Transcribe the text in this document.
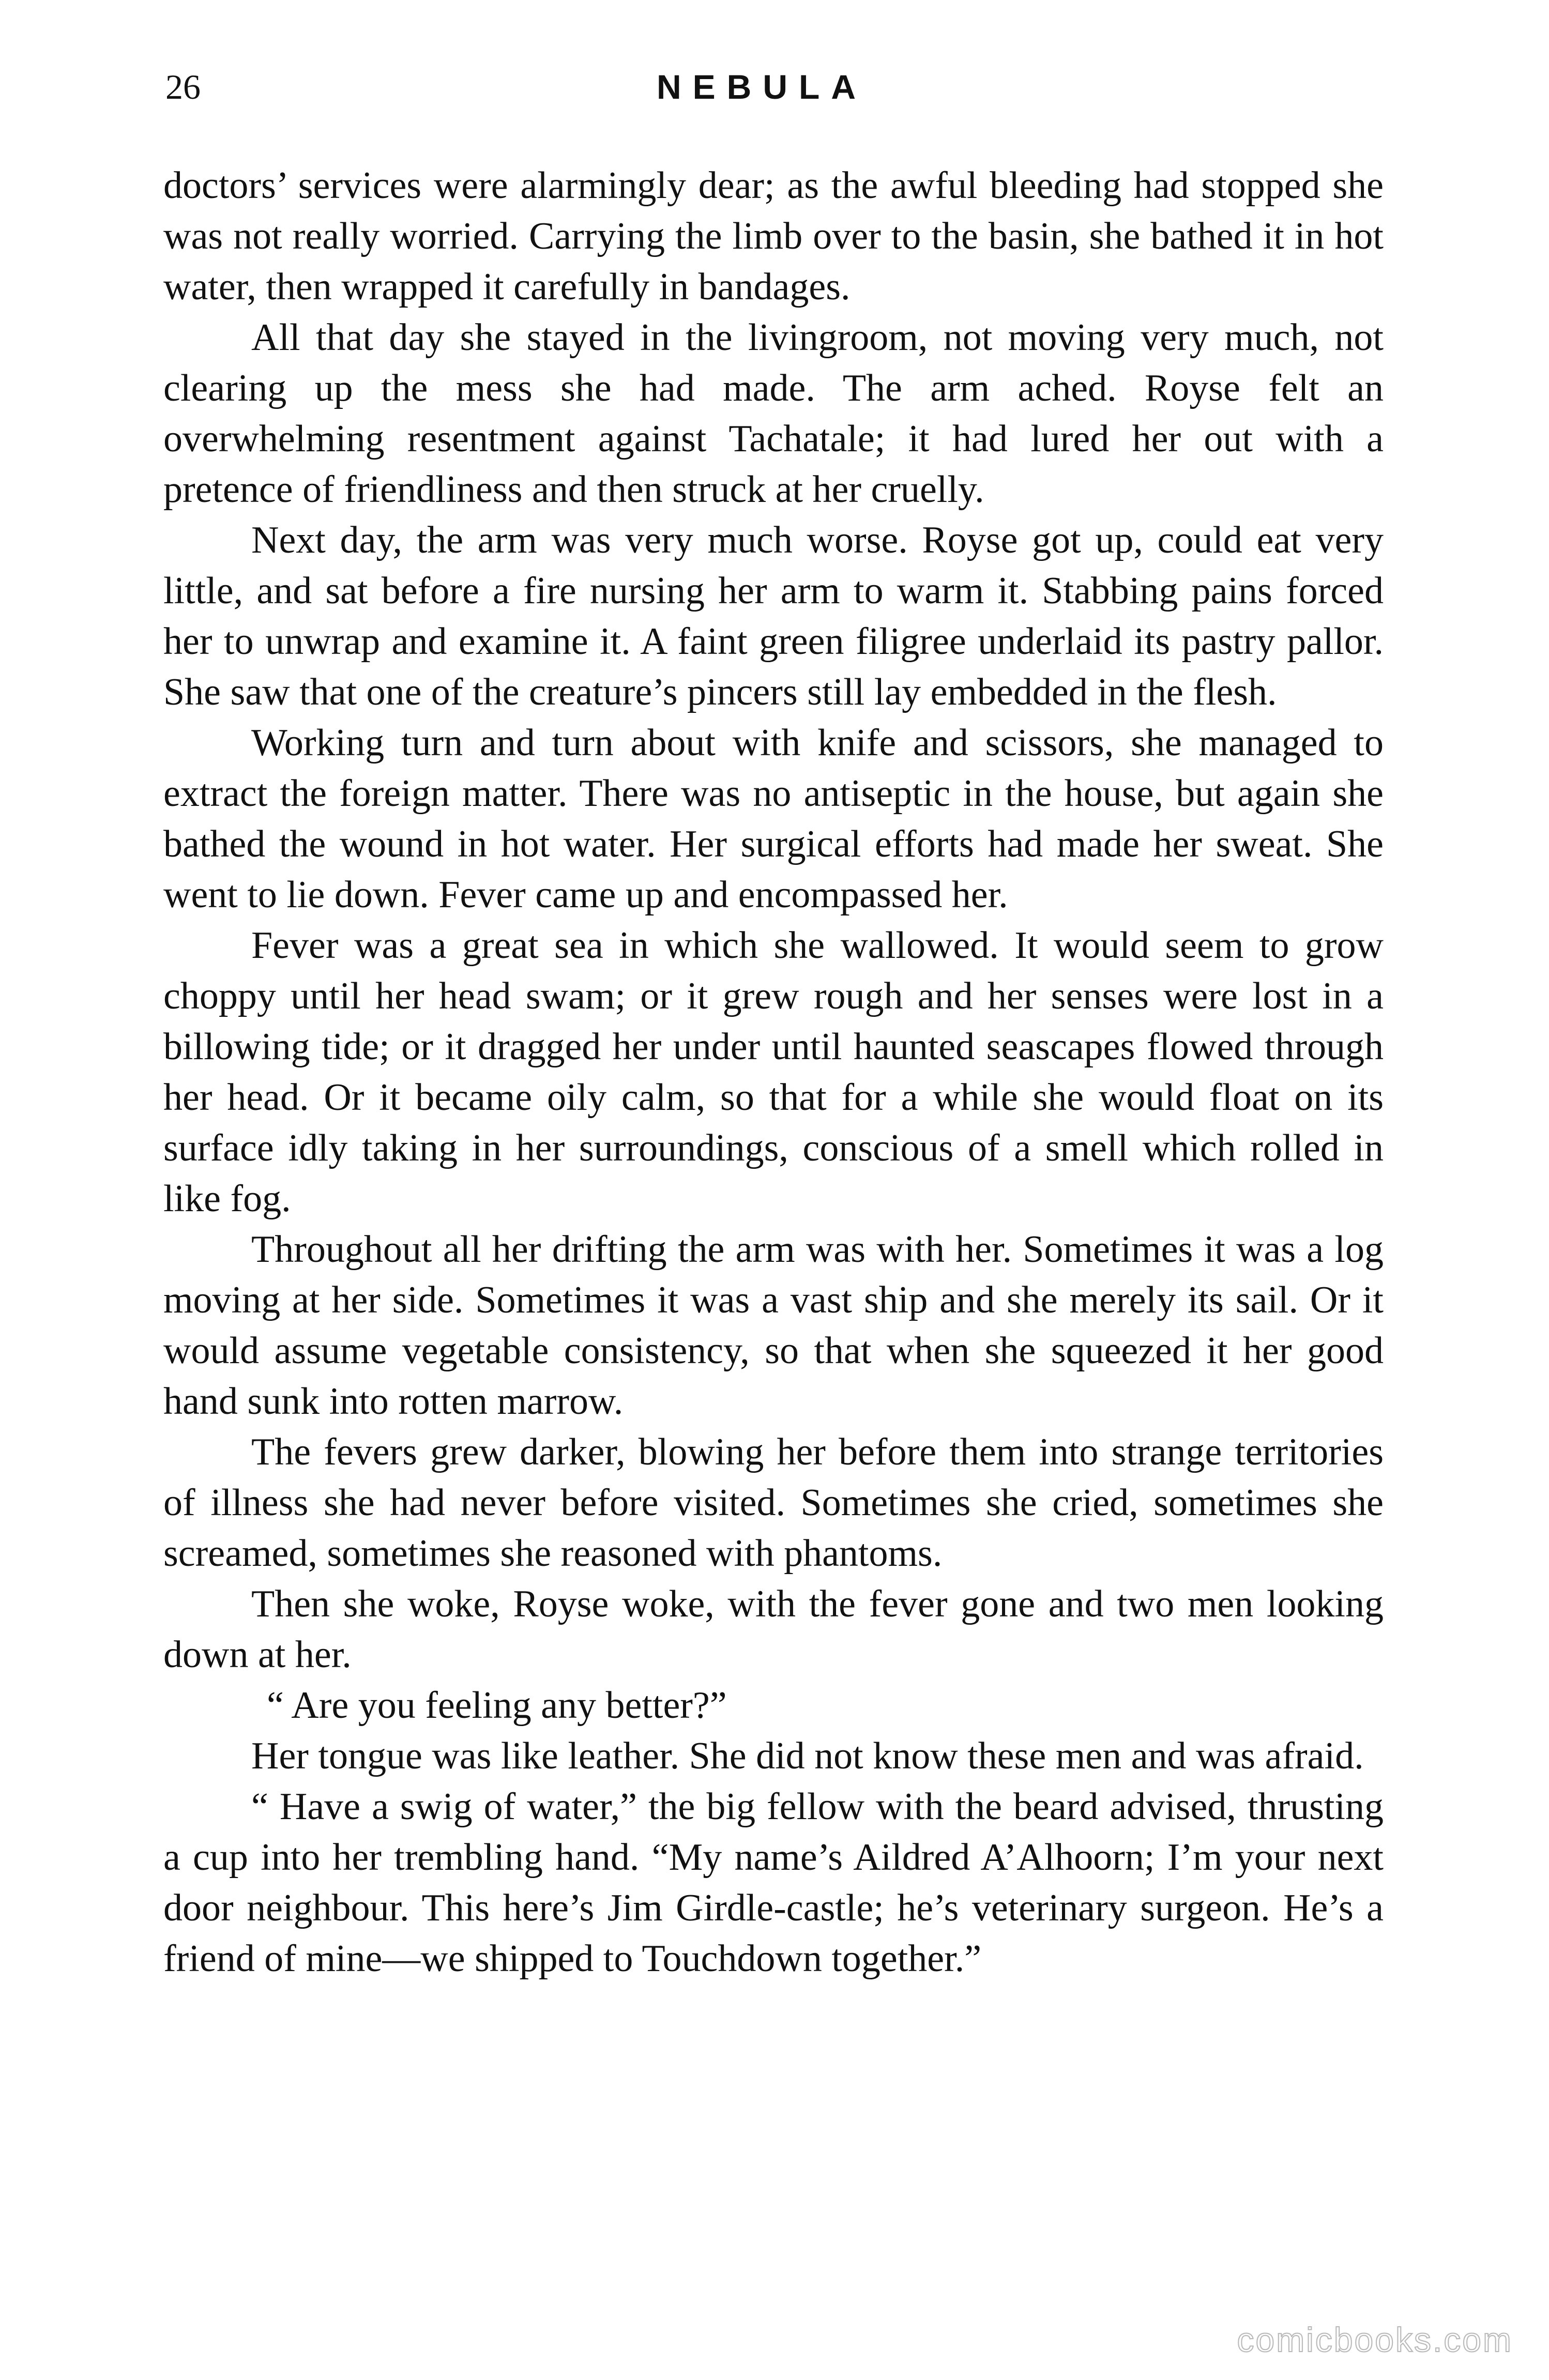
26	NEBULA

doctors’ services were alarmingly dear; as the awful bleeding had stopped she was not really worried. Carrying the limb over to the basin, she bathed it in hot water, then wrapped it carefully in bandages.

All that day she stayed in the livingroom, not moving very much, not clearing up the mess she had made. The arm ached. Royse felt an overwhelming resentment against Tachatale; it had lured her out with a pretence of friendliness and then struck at her cruelly.

Next day, the arm was very much worse. Royse got up, could eat very little, and sat before a fire nursing her arm to warm it. Stabbing pains forced her to unwrap and examine it. A faint green filigree underlaid its pastry pallor. She saw that one of the creature’s pincers still lay embedded in the flesh.

Working turn and turn about with knife and scissors, she managed to extract the foreign matter. There was no antiseptic in the house, but again she bathed the wound in hot water. Her surgical efforts had made her sweat. She went to lie down. Fever came up and encompassed her.

Fever was a great sea in which she wallowed. It would seem to grow choppy until her head swam; or it grew rough and her senses were lost in a billowing tide; or it dragged her under until haunted seascapes flowed through her head. Or it became oily calm, so that for a while she would float on its surface idly taking in her surroundings, conscious of a smell which rolled in like fog.

Throughout all her drifting the arm was with her. Sometimes it was a log moving at her side. Sometimes it was a vast ship and she merely its sail. Or it would assume vegetable consistency, so that when she squeezed it her good hand sunk into rotten marrow.

The fevers grew darker, blowing her before them into strange territories of illness she had never before visited. Sometimes she cried, sometimes she screamed, sometimes she reasoned with phantoms.

Then she woke, Royse woke, with the fever gone and two men looking down at her.

“ Are you feeling any better?”

Her tongue was like leather. She did not know these men and was afraid.

“ Have a swig of water,” the big fellow with the beard advised, thrusting a cup into her trembling hand. “My name’s Aildred A’Alhoorn; I’m your next door neighbour. This here’s Jim Girdle-castle; he’s veterinary surgeon. He’s a friend of mine—we shipped to Touchdown together.”

comicbooks.com
